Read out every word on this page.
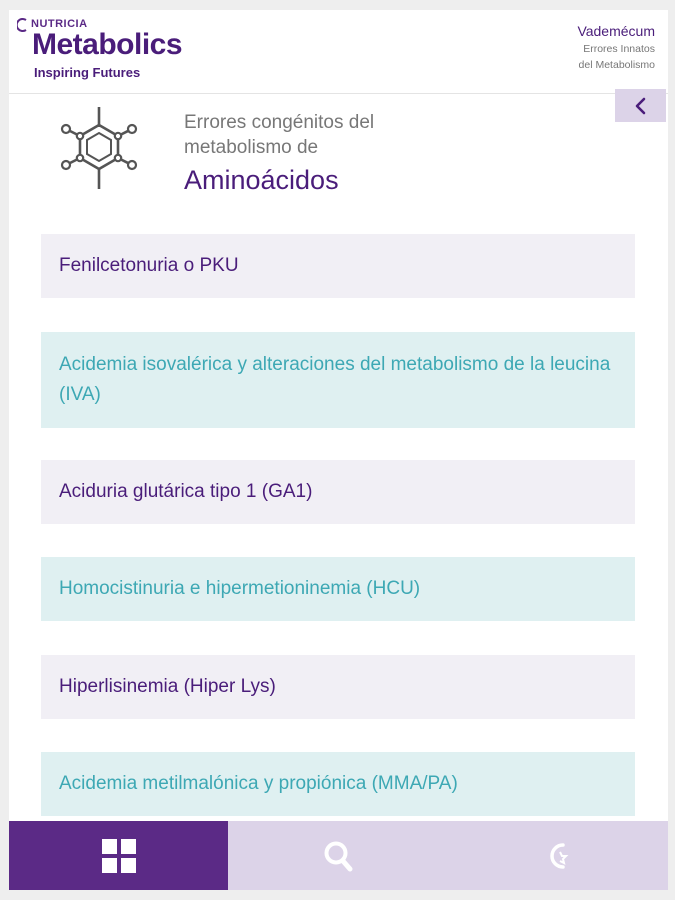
NUTRICIA
Metabolics
Inspiring Futures
Vademécum
Errores Innatos
del Metabolismo
Errores congénitos del metabolismo de
Aminoácidos
Fenilcetonuria o PKU
Acidemia isovalérica y alteraciones del metabolismo de la leucina (IVA)
Aciduria glutárica tipo 1 (GA1)
Homocistinuria e hipermetioninemia (HCU)
Hiperlisinemia (Hiper Lys)
Acidemia metilmalónica y propiónica (MMA/PA)
